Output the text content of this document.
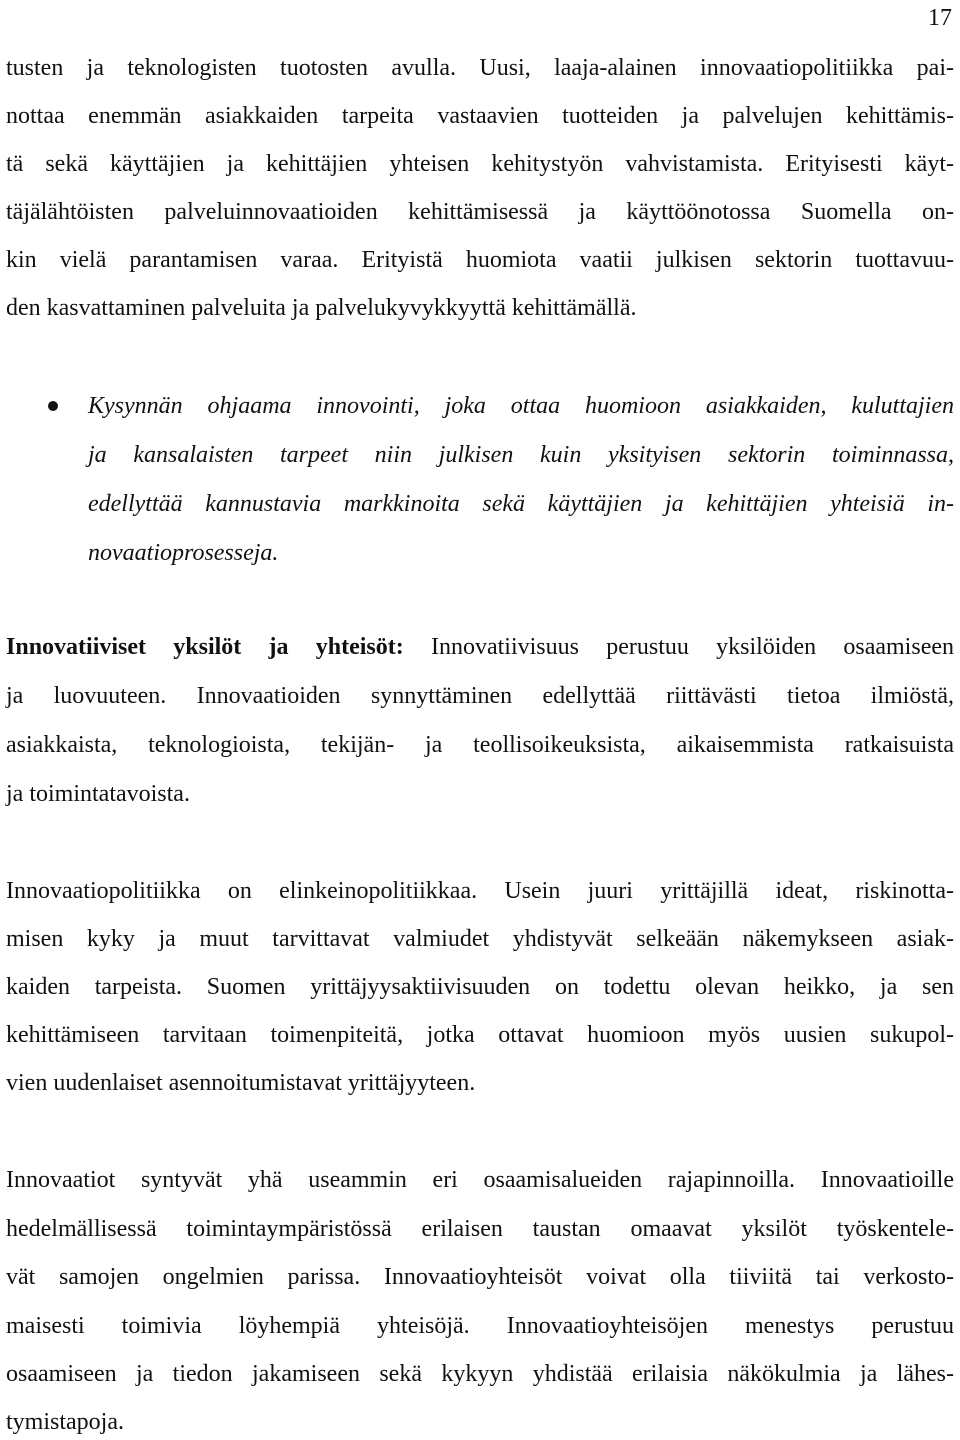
17
tusten ja teknologisten tuotosten avulla. Uusi, laaja-alainen innovaatiopolitiikka pai-
nottaa enemmän asiakkaiden tarpeita vastaavien tuotteiden ja palvelujen kehittämis-
tä sekä käyttäjien ja kehittäjien yhteisen kehitystyön vahvistamista. Erityisesti käyt-
täjälähtöisten palveluinnovaatioiden kehittämisessä ja käyttöönotossa Suomella on-
kin vielä parantamisen varaa. Erityistä huomiota vaatii julkisen sektorin tuottavuu-
den kasvattaminen palveluita ja palvelukyvykkyyttä kehittämällä.
Kysynnän ohjaama innovointi, joka ottaa huomioon asiakkaiden, kuluttajien
ja kansalaisten tarpeet niin julkisen kuin yksityisen sektorin toiminnassa,
edellyttää kannustavia markkinoita sekä käyttäjien ja kehittäjien yhteisiä in-
novaatioprosesseja.
Innovatiiviset yksilöt ja yhteisöt: Innovatiivisuus perustuu yksilöiden osaamiseen
ja luovuuteen. Innovaatioiden synnyttäminen edellyttää riittävästi tietoa ilmiöstä,
asiakkaista, teknologioista, tekijän- ja teollisoikeuksista, aikaisemmista ratkaisuista
ja toimintatavoista.
Innovaatiopolitiikka on elinkeinopolitiikkaa. Usein juuri yrittäjillä ideat, riskinotta-
misen kyky ja muut tarvittavat valmiudet yhdistyvät selkeään näkemykseen asiak-
kaiden tarpeista. Suomen yrittäjyysaktiivisuuden on todettu olevan heikko, ja sen
kehittämiseen tarvitaan toimenpiteitä, jotka ottavat huomioon myös uusien sukupol-
vien uudenlaiset asennoitumistavat yrittäjyyteen.
Innovaatiot syntyvät yhä useammin eri osaamisalueiden rajapinnoilla. Innovaatioille
hedelmällisessä toimintaympäristössä erilaisen taustan omaavat yksilöt työskentele-
vät samojen ongelmien parissa. Innovaatioyhteisöt voivat olla tiiviitä tai verkosto-
maisesti toimivia löyhempiä yhteisöjä. Innovaatioyhteisöjen menestys perustuu
osaamiseen ja tiedon jakamiseen sekä kykyyn yhdistää erilaisia näkökulmia ja lähes-
tymistapoja.
